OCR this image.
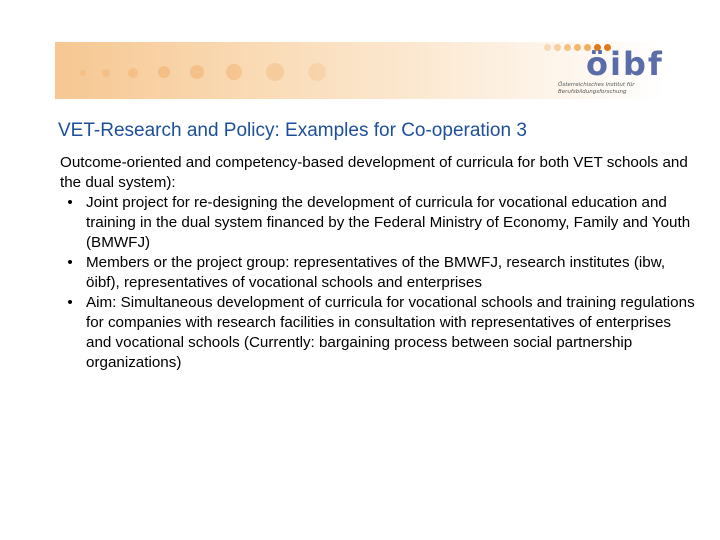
öibf
Österreichisches Institut für Berufsbildungsforschung
VET-Research and Policy: Examples for Co-operation 3

Outcome-oriented and competency-based development of curricula for both VET schools and the dual system):

• Joint project for re-designing the development of curricula for vocational education and training in the dual system financed by the Federal Ministry of Economy, Family and Youth (BMWFJ)
• Members or the project group: representatives of the BMWFJ, research institutes (ibw, öibf), representatives of vocational schools and enterprises
• Aim: Simultaneous development of curricula for vocational schools and training regulations for companies with research facilities in consultation with representatives of enterprises and vocational schools (Currently: bargaining process between social partnership organizations)
